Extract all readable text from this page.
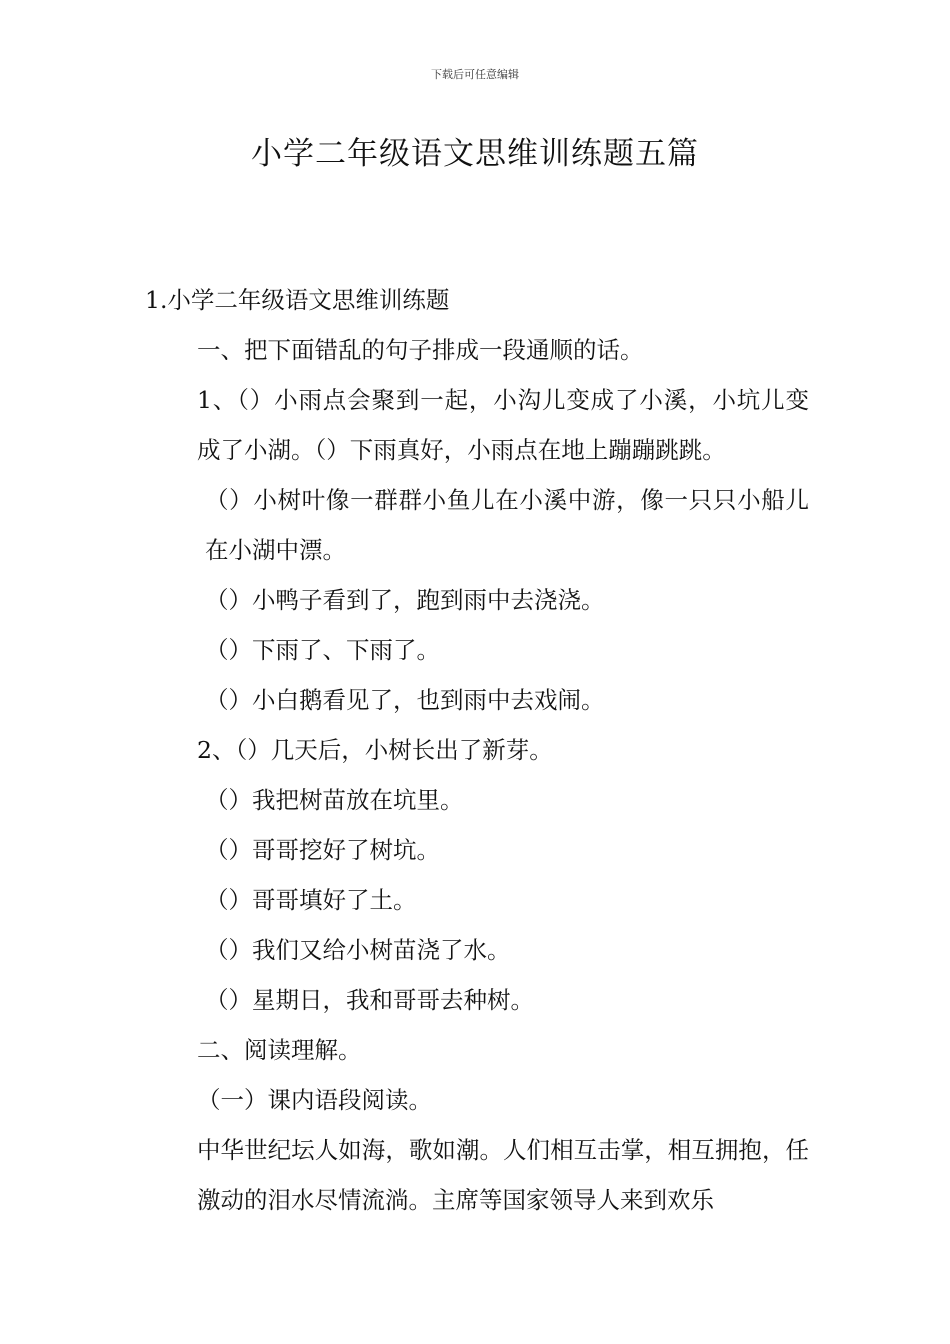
下载后可任意编辑
小学二年级语文思维训练题五篇

1.小学二年级语文思维训练题

一、把下面错乱的句子排成一段通顺的话。

1、（）小雨点会聚到一起，小沟儿变成了小溪，小坑儿变成了小湖。（）下雨真好，小雨点在地上蹦蹦跳跳。

（）小树叶像一群群小鱼儿在小溪中游，像一只只小船儿在小湖中漂。

（）小鸭子看到了，跑到雨中去浇浇。

（）下雨了、下雨了。

（）小白鹅看见了，也到雨中去戏闹。

2、（）几天后，小树长出了新芽。

（）我把树苗放在坑里。

（）哥哥挖好了树坑。

（）哥哥填好了土。

（）我们又给小树苗浇了水。

（）星期日，我和哥哥去种树。

二、阅读理解。

（一）课内语段阅读。

中华世纪坛人如海，歌如潮。人们相互击掌，相互拥抱，任激动的泪水尽情流淌。主席等国家领导人来到欢乐
